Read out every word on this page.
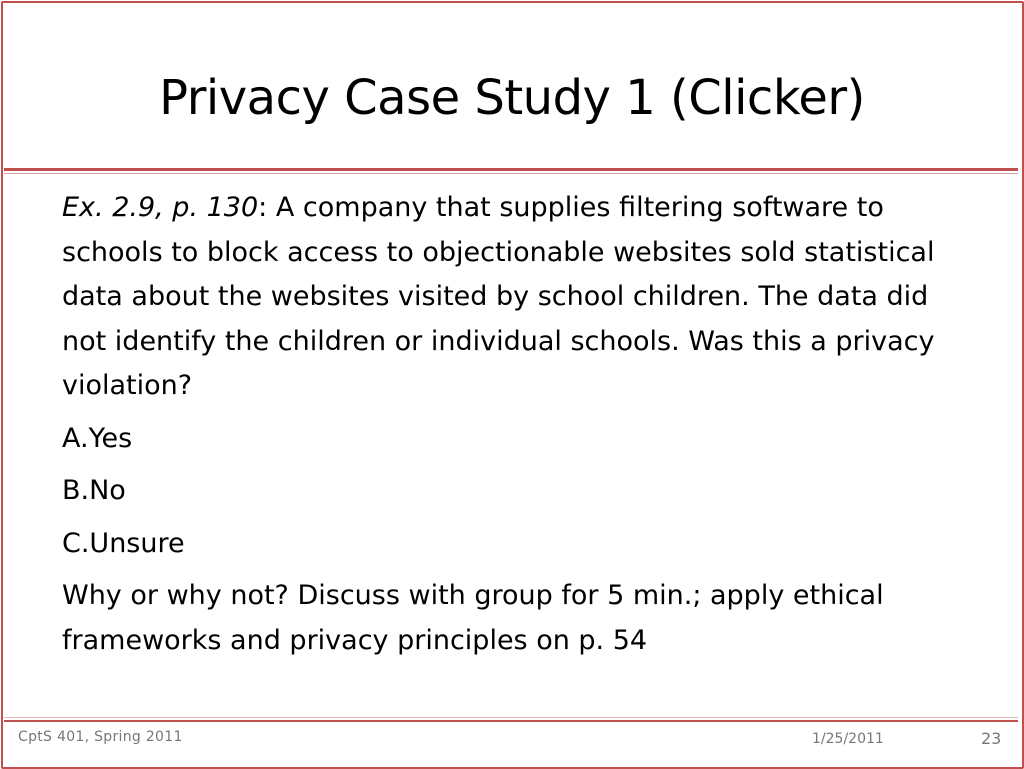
Privacy Case Study 1 (Clicker)

Ex. 2.9, p. 130: A company that supplies filtering software to schools to block access to objectionable websites sold statistical data about the websites visited by school children. The data did not identify the children or individual schools. Was this a privacy violation?

A.Yes

B.No

C.Unsure

Why or why not? Discuss with group for 5 min.; apply ethical frameworks and privacy principles on p. 54

CptS 401, Spring 2011	1/25/2011	23
